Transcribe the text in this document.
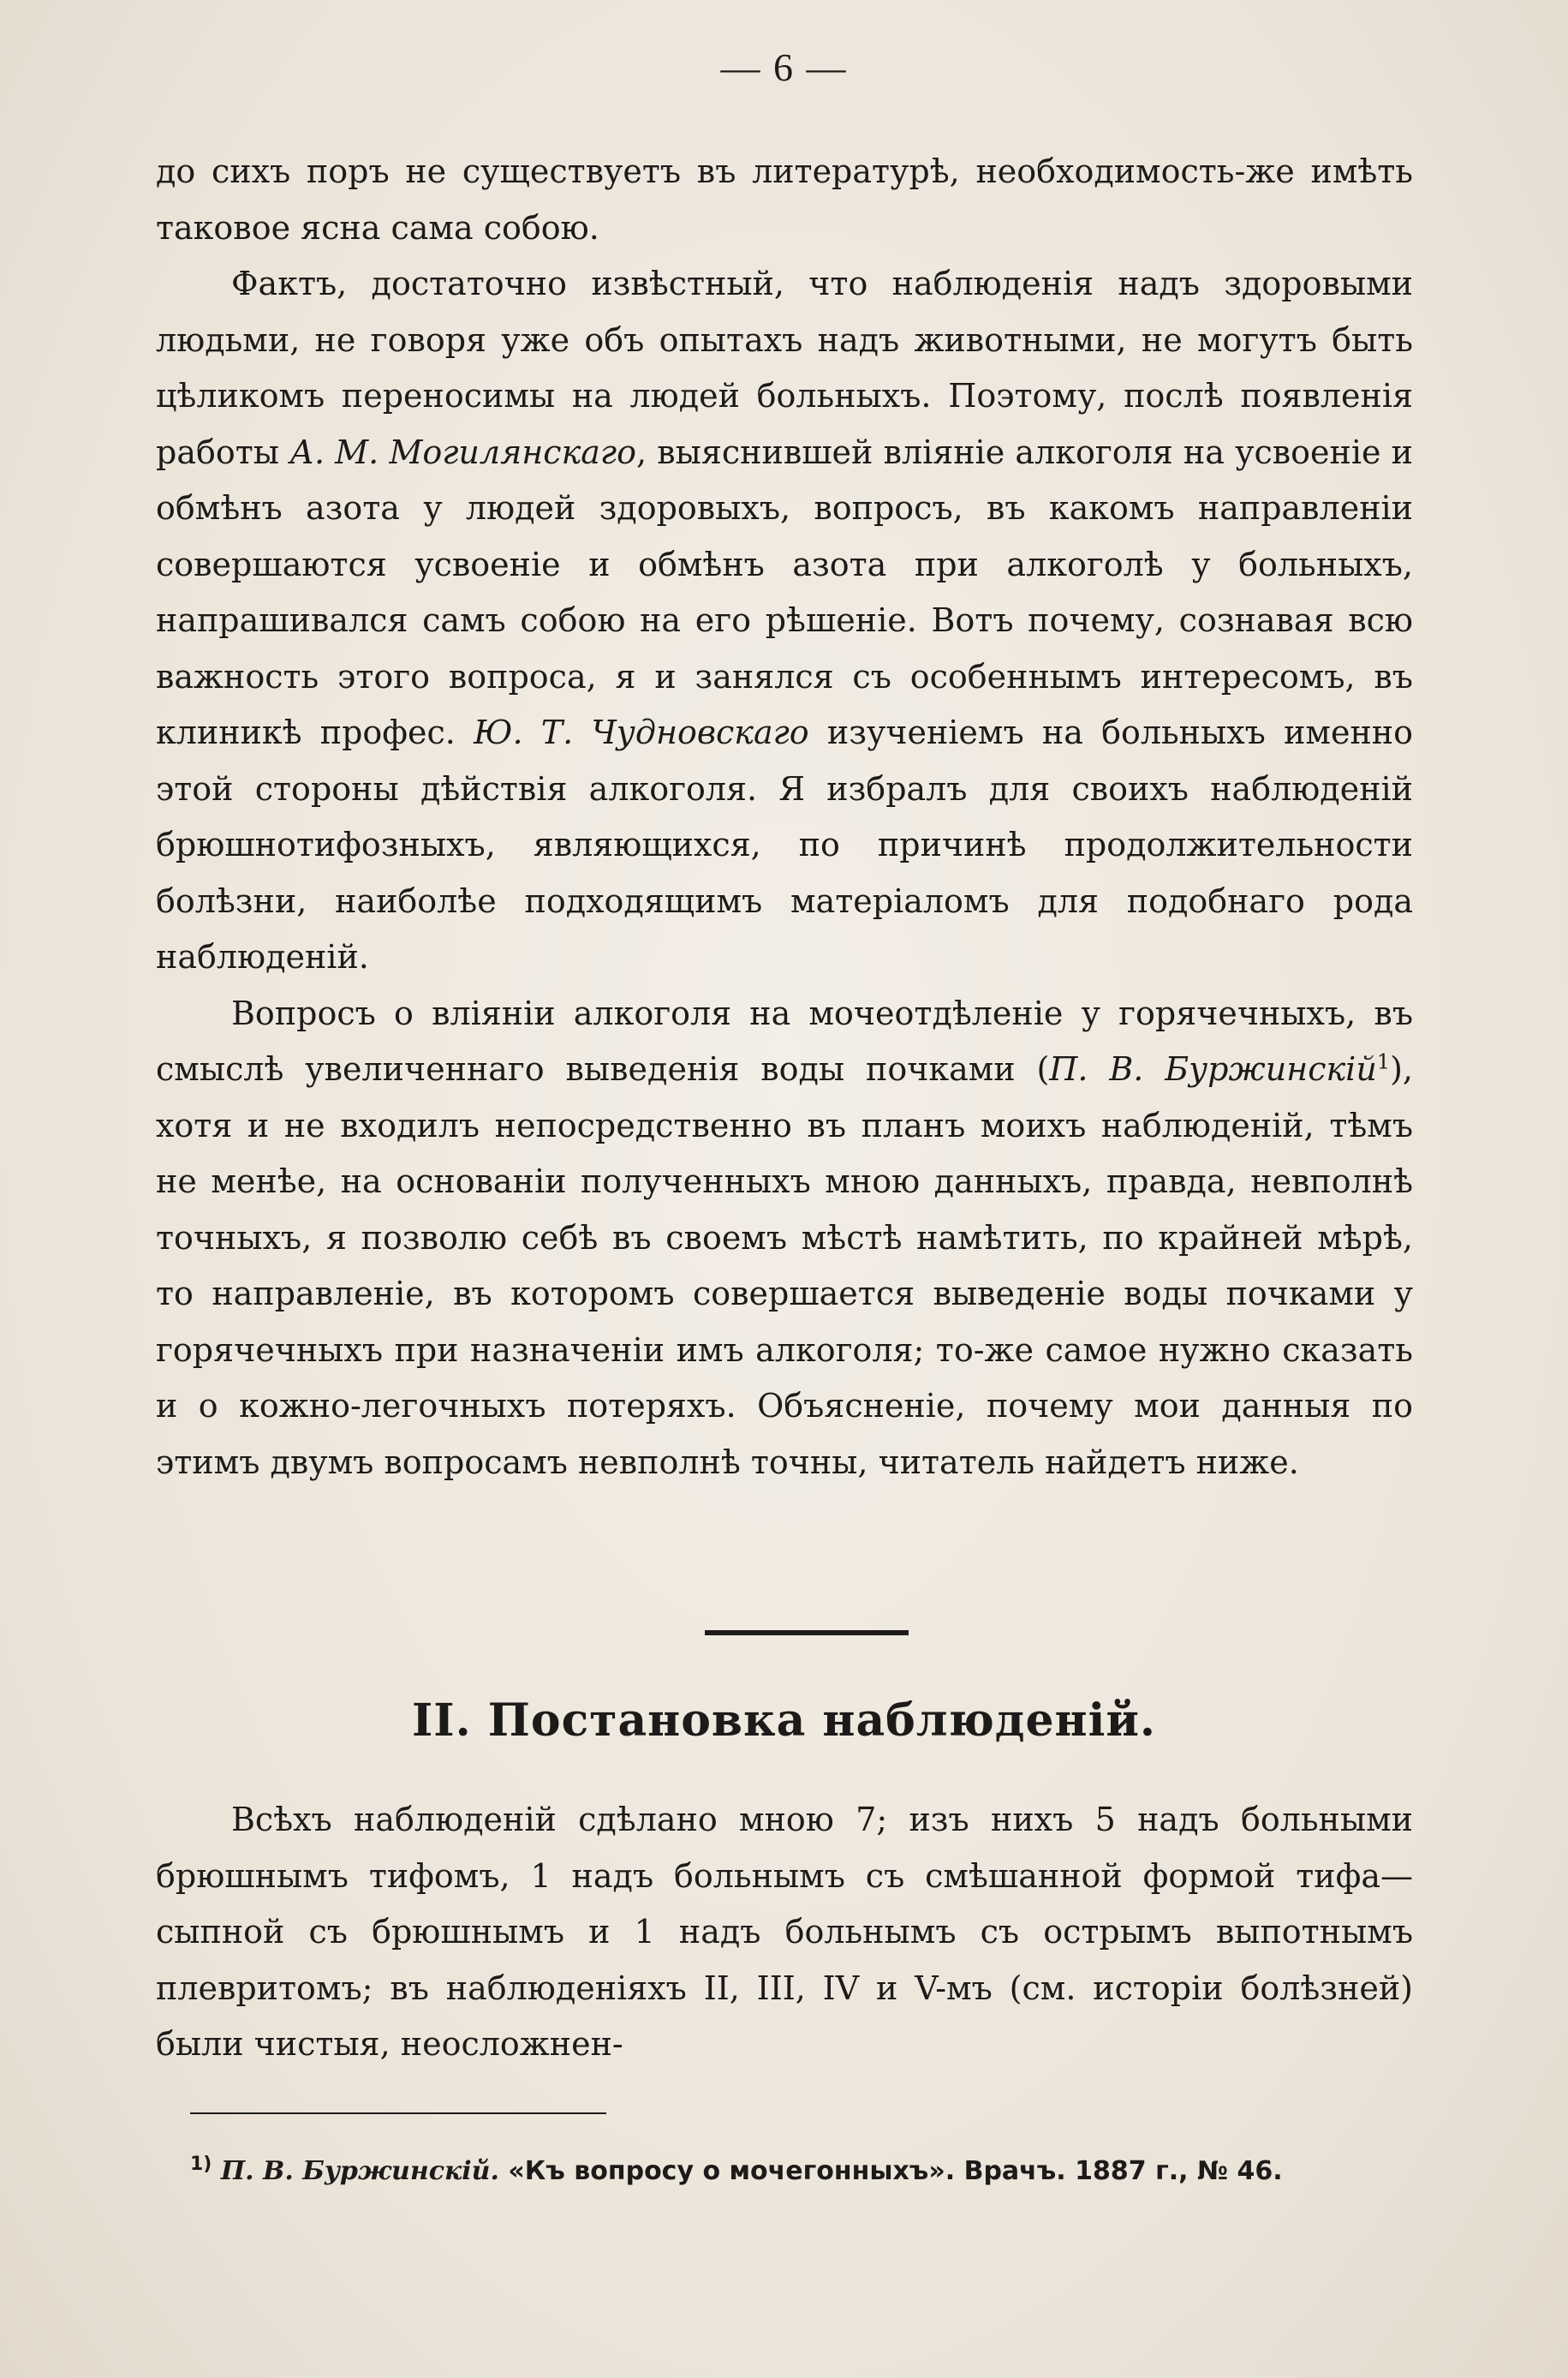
— 6 —

до сихъ поръ не существуетъ въ литературѣ, необходимость-же имѣть таковое ясна сама собою.

Фактъ, достаточно извѣстный, что наблюденія надъ здоровыми людьми, не говоря уже объ опытахъ надъ животными, не могутъ быть цѣликомъ переносимы на людей больныхъ. Поэтому, послѣ появленія работы А. М. Могилянскаго, выяснившей вліяніе алкоголя на усвоеніе и обмѣнъ азота у людей здоровыхъ, вопросъ, въ какомъ направленіи совершаются усвоеніе и обмѣнъ азота при алкоголѣ у больныхъ, напрашивался самъ собою на его рѣшеніе. Вотъ почему, сознавая всю важность этого вопроса, я и занялся съ особеннымъ интересомъ, въ клиникѣ профес. Ю. Т. Чудновскаго изученіемъ на больныхъ именно этой стороны дѣйствія алкоголя. Я избралъ для своихъ наблюденій брюшнотифозныхъ, являющихся, по причинѣ продолжительности болѣзни, наиболѣе подходящимъ матеріаломъ для подобнаго рода наблюденій.

Вопросъ о вліяніи алкоголя на мочеотдѣленіе у горячечныхъ, въ смыслѣ увеличеннаго выведенія воды почками (П. В. Буржинскій$^1$), хотя и не входилъ непосредственно въ планъ моихъ наблюденій, тѣмъ не менѣе, на основаніи полученныхъ мною данныхъ, правда, невполнѣ точныхъ, я позволю себѣ въ своемъ мѣстѣ намѣтить, по крайней мѣрѣ, то направленіе, въ которомъ совершается выведеніе воды почками у горячечныхъ при назначеніи имъ алкоголя; то-же самое нужно сказать и о кожно-легочныхъ потеряхъ. Объясненіе, почему мои данныя по этимъ двумъ вопросамъ невполнѣ точны, читатель найдетъ ниже.

II. Постановка наблюденій.

Всѣхъ наблюденій сдѣлано мною 7; изъ нихъ 5 надъ больными брюшнымъ тифомъ, 1 надъ больнымъ съ смѣшанной формой тифа—сыпной съ брюшнымъ и 1 надъ больнымъ съ острымъ выпотнымъ плевритомъ; въ наблюденіяхъ II, III, IV и V-мъ (см. исторіи болѣзней) были чистыя, неосложнен-

$^{1)}$ П. В. Буржинскій. «Къ вопросу о мочегонныхъ». Врачъ. 1887 г., № 46.
